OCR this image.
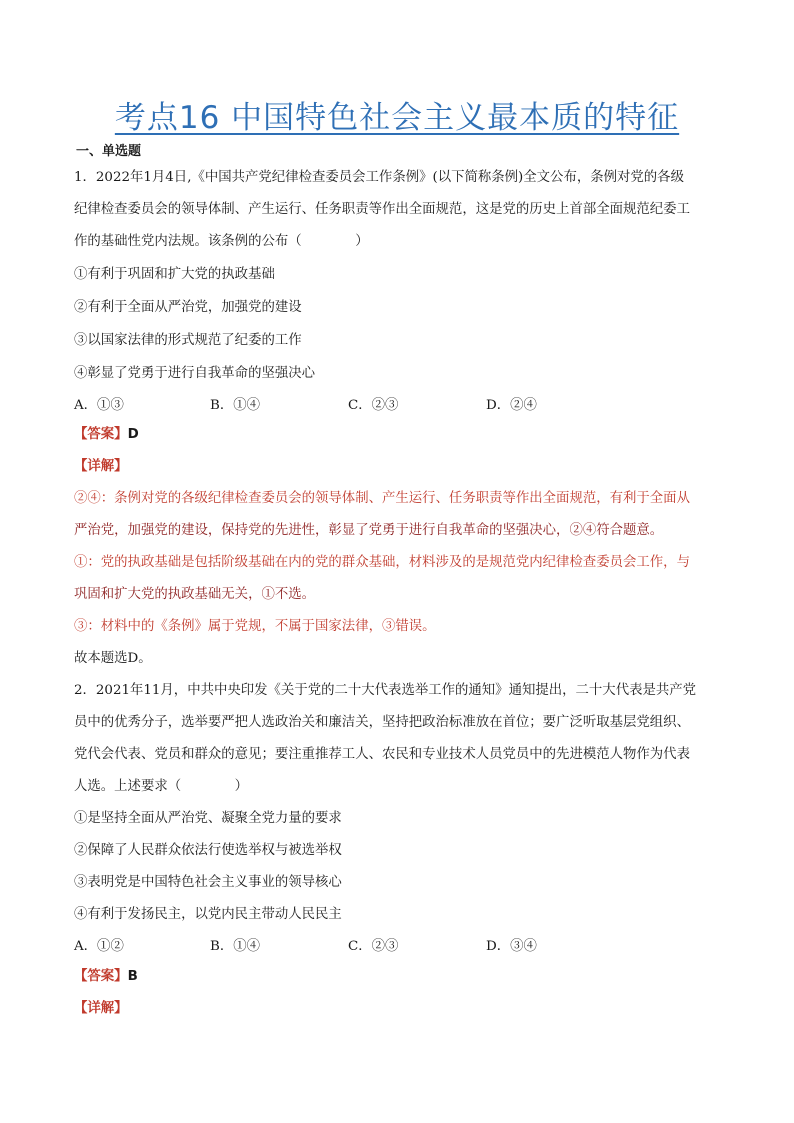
考点16 中国特色社会主义最本质的特征
一、单选题
1．2022年1月4日,《中国共产党纪律检查委员会工作条例》(以下简称条例)全文公布，条例对党的各级
纪律检查委员会的领导体制、产生运行、任务职责等作出全面规范，这是党的历史上首部全面规范纪委工
作的基础性党内法规。该条例的公布（　　　　）
①有利于巩固和扩大党的执政基础
②有利于全面从严治党，加强党的建设
③以国家法律的形式规范了纪委的工作
④彰显了党勇于进行自我革命的坚强决心
A．①③	B．①④	C．②③	D．②④
【答案】D
【详解】
②④：条例对党的各级纪律检查委员会的领导体制、产生运行、任务职责等作出全面规范，有利于全面从
严治党，加强党的建设，保持党的先进性，彰显了党勇于进行自我革命的坚强决心，②④符合题意。
①：党的执政基础是包括阶级基础在内的党的群众基础，材料涉及的是规范党内纪律检查委员会工作，与
巩固和扩大党的执政基础无关，①不选。
③：材料中的《条例》属于党规，不属于国家法律，③错误。
故本题选D。
2．2021年11月，中共中央印发《关于党的二十大代表选举工作的通知》通知提出，二十大代表是共产党
员中的优秀分子，选举要严把人选政治关和廉洁关，坚持把政治标准放在首位；要广泛听取基层党组织、
党代会代表、党员和群众的意见；要注重推荐工人、农民和专业技术人员党员中的先进模范人物作为代表
人选。上述要求（　　　　）
①是坚持全面从严治党、凝聚全党力量的要求
②保障了人民群众依法行使选举权与被选举权
③表明党是中国特色社会主义事业的领导核心
④有利于发扬民主，以党内民主带动人民民主
A．①②	B．①④	C．②③	D．③④
【答案】B
【详解】
